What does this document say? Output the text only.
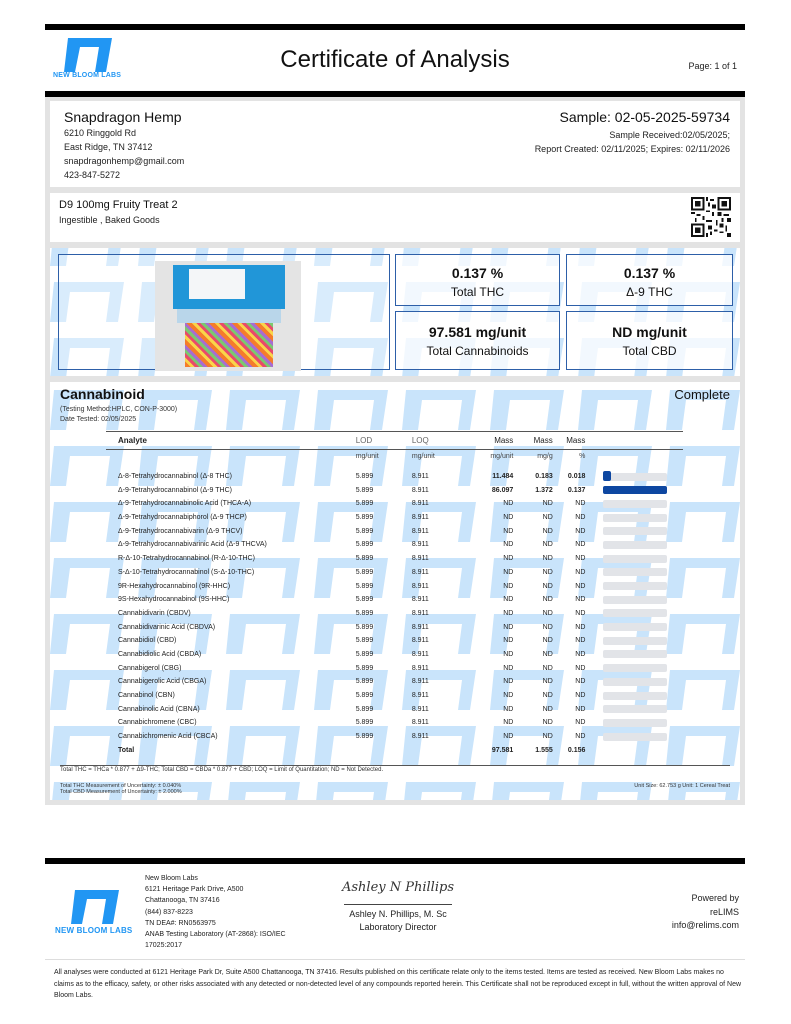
NEW BLOOM LABS
Certificate of Analysis	Page: 1 of 1
Snapdragon Hemp
6210 Ringgold Rd
East Ridge, TN 37412
snapdragonhemp@gmail.com
423-847-5272
Sample: 02-05-2025-59734
Sample Received:02/05/2025;
Report Created: 02/11/2025; Expires: 02/11/2026
D9 100mg Fruity Treat 2
Ingestible , Baked Goods
0.137 %
Total THC
0.137 %
Δ-9 THC
97.581 mg/unit
Total Cannabinoids
ND mg/unit
Total CBD
Cannabinoid	Complete
(Testing Method:HPLC, CON-P-3000)
Date Tested: 02/05/2025
Analyte	LOD	LOQ	Mass	Mass	Mass	
	mg/unit	mg/unit	mg/unit	mg/g	%	

Δ-8-Tetrahydrocannabinol (Δ-8 THC)	5.899	8.911	11.484	0.183	0.018	

Δ-9-Tetrahydrocannabinol (Δ-9 THC)	5.899	8.911	86.097	1.372	0.137	

Δ-9-Tetrahydrocannabinolic Acid (THCA-A)	5.899	8.911	ND	ND	ND	

Δ-9-Tetrahydrocannabiphorol (Δ-9 THCP)	5.899	8.911	ND	ND	ND	

Δ-9-Tetrahydrocannabivarin (Δ-9 THCV)	5.899	8.911	ND	ND	ND	

Δ-9-Tetrahydrocannabivarinic Acid (Δ-9 THCVA)	5.899	8.911	ND	ND	ND	

R-Δ-10-Tetrahydrocannabinol (R-Δ-10-THC)	5.899	8.911	ND	ND	ND	

S-Δ-10-Tetrahydrocannabinol (S-Δ-10-THC)	5.899	8.911	ND	ND	ND	

9R-Hexahydrocannabinol (9R-HHC)	5.899	8.911	ND	ND	ND	

9S-Hexahydrocannabinol (9S-HHC)	5.899	8.911	ND	ND	ND	

Cannabidivarin (CBDV)	5.899	8.911	ND	ND	ND	

Cannabidivarinic Acid (CBDVA)	5.899	8.911	ND	ND	ND	

Cannabidiol (CBD)	5.899	8.911	ND	ND	ND	

Cannabidiolic Acid (CBDA)	5.899	8.911	ND	ND	ND	

Cannabigerol (CBG)	5.899	8.911	ND	ND	ND	

Cannabigerolic Acid (CBGA)	5.899	8.911	ND	ND	ND	

Cannabinol (CBN)	5.899	8.911	ND	ND	ND	

Cannabinolic Acid (CBNA)	5.899	8.911	ND	ND	ND	

Cannabichromene (CBC)	5.899	8.911	ND	ND	ND	

Cannabichromenic Acid (CBCA)	5.899	8.911	ND	ND	ND	

Total			97.581	1.555	0.156	
Total THC = THCa * 0.877 + Δ9-THC; Total CBD = CBDa * 0.877 + CBD; LOQ = Limit of Quantitation; ND = Not Detected.
Total THC Measurement of Uncertainty: ± 0.040%
Total CBD Measurement of Uncertainty: ± 2.000%
Unit Size: 62.753 g Unit: 1 Cereal Treat
NEW BLOOM LABS
New Bloom Labs
6121 Heritage Park Drive, A500
Chattanooga, TN 37416
(844) 837-8223
TN DEA#: RN0563975
ANAB Testing Laboratory (AT-2868): ISO/IEC
17025:2017
Ashley N Phillips
Ashley N. Phillips, M. Sc
Laboratory Director
Powered by
reLIMS
info@relims.com
All analyses were conducted at 6121 Heritage Park Dr, Suite A500 Chattanooga, TN 37416. Results published on this certificate relate only to the items tested. Items are tested as received. New Bloom Labs makes no claims as to the efficacy, safety, or other risks associated with any detected or non-detected level of any compounds reported herein. This Certificate shall not be reproduced except in full, without the written approval of New Bloom Labs.
